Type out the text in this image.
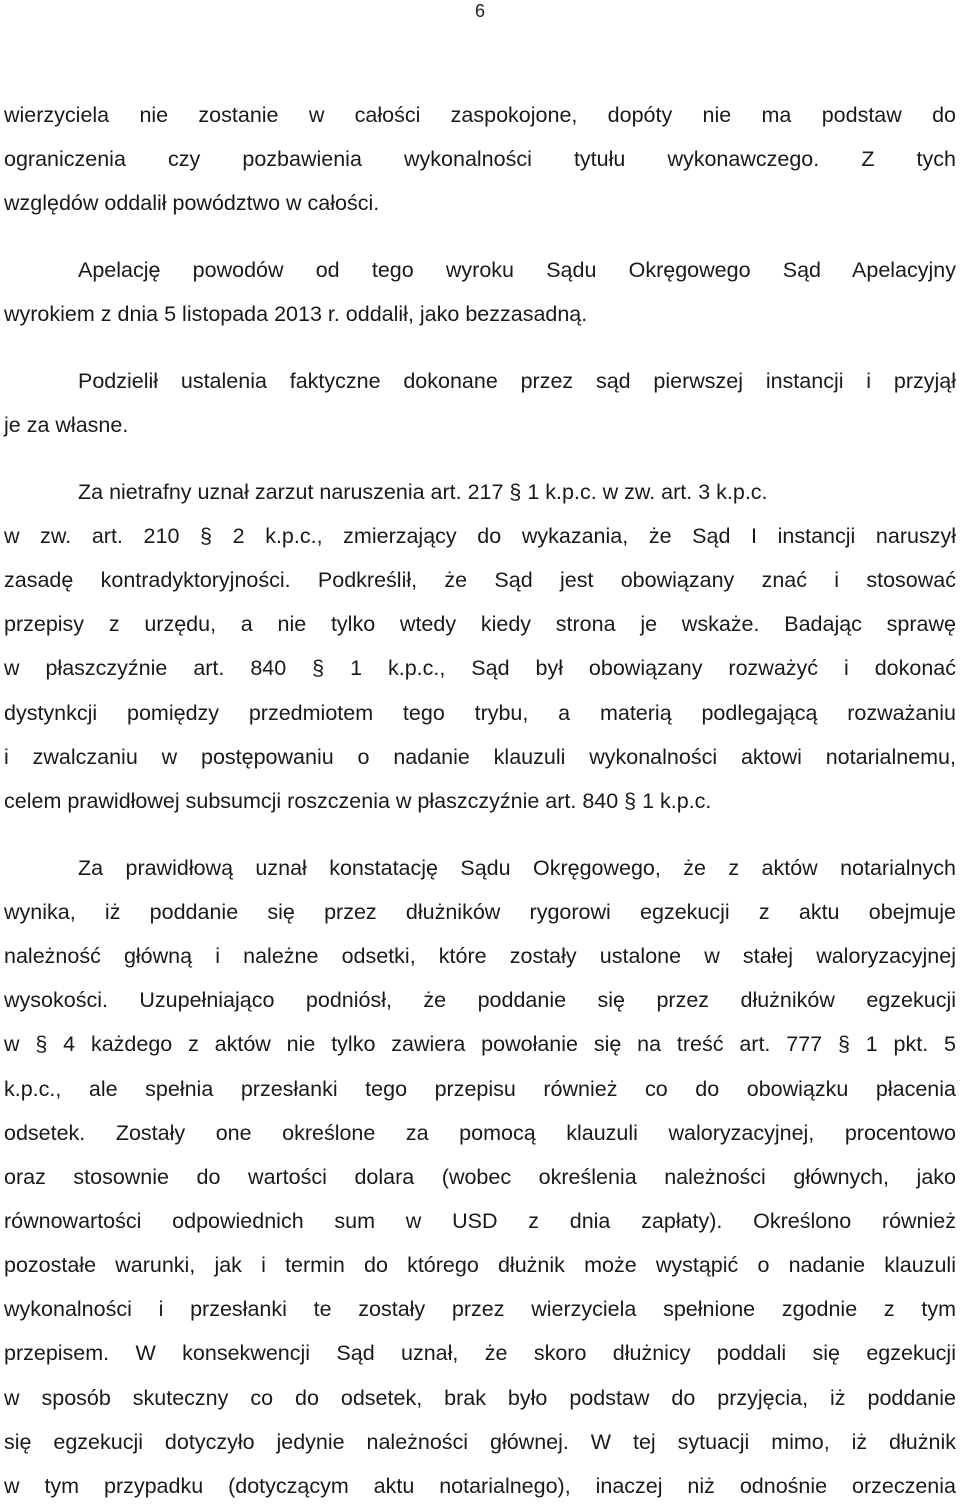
6
wierzyciela nie zostanie w całości zaspokojone, dopóty nie ma podstaw do
ograniczenia czy pozbawienia wykonalności tytułu wykonawczego. Z tych
względów oddalił powództwo w całości.
Apelację powodów od tego wyroku Sądu Okręgowego Sąd Apelacyjny
wyrokiem z dnia 5 listopada 2013 r. oddalił, jako bezzasadną.
Podzielił ustalenia faktyczne dokonane przez sąd pierwszej instancji i przyjął
je za własne.
Za nietrafny uznał zarzut naruszenia art. 217 § 1 k.p.c. w zw. art. 3 k.p.c.
w zw. art. 210 § 2 k.p.c., zmierzający do wykazania, że Sąd I instancji naruszył
zasadę kontradyktoryjności. Podkreślił, że Sąd jest obowiązany znać i stosować
przepisy z urzędu, a nie tylko wtedy kiedy strona je wskaże. Badając sprawę
w płaszczyźnie art. 840 § 1 k.p.c., Sąd był obowiązany rozważyć i dokonać
dystynkcji pomiędzy przedmiotem tego trybu, a materią podlegającą rozważaniu
i zwalczaniu w postępowaniu o nadanie klauzuli wykonalności aktowi notarialnemu,
celem prawidłowej subsumcji roszczenia w płaszczyźnie art. 840 § 1 k.p.c.
Za prawidłową uznał konstatację Sądu Okręgowego, że z aktów notarialnych
wynika, iż poddanie się przez dłużników rygorowi egzekucji z aktu obejmuje
należność główną i należne odsetki, które zostały ustalone w stałej waloryzacyjnej
wysokości. Uzupełniająco podniósł, że poddanie się przez dłużników egzekucji
w § 4 każdego z aktów nie tylko zawiera powołanie się na treść art. 777 § 1 pkt. 5
k.p.c., ale spełnia przesłanki tego przepisu również co do obowiązku płacenia
odsetek. Zostały one określone za pomocą klauzuli waloryzacyjnej, procentowo
oraz stosownie do wartości dolara (wobec określenia należności głównych, jako
równowartości odpowiednich sum w USD z dnia zapłaty). Określono również
pozostałe warunki, jak i termin do którego dłużnik może wystąpić o nadanie klauzuli
wykonalności i przesłanki te zostały przez wierzyciela spełnione zgodnie z tym
przepisem. W konsekwencji Sąd uznał, że skoro dłużnicy poddali się egzekucji
w sposób skuteczny co do odsetek, brak było podstaw do przyjęcia, iż poddanie
się egzekucji dotyczyło jedynie należności głównej. W tej sytuacji mimo, iż dłużnik
w tym przypadku (dotyczącym aktu notarialnego), inaczej niż odnośnie orzeczenia
